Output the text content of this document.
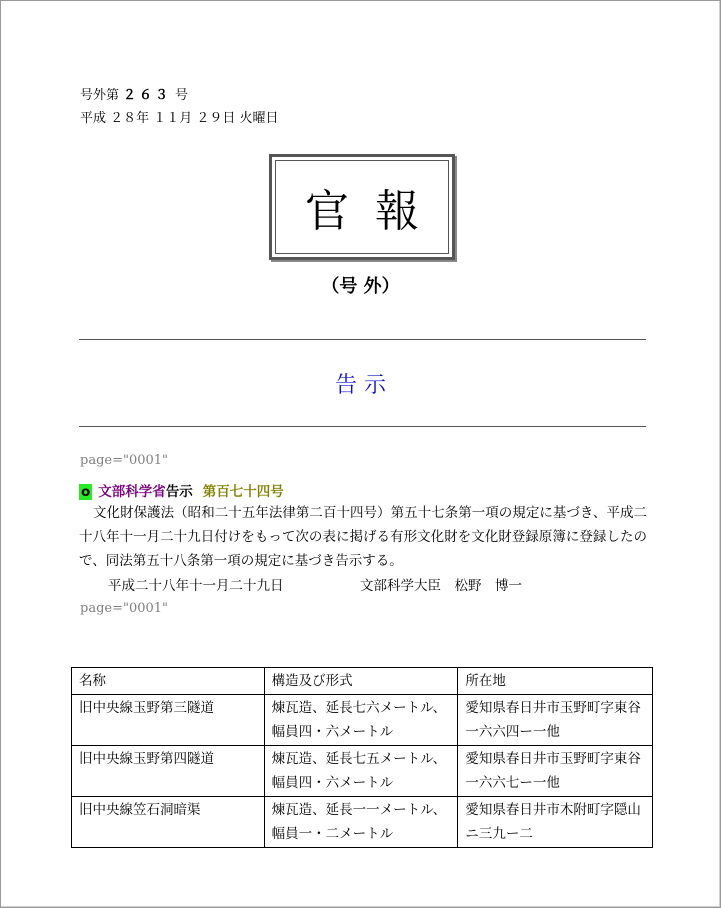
号外第 ２６３ 号
平成 ２８年 １１月 ２９日 火曜日
官報
（号 外）
告 示
page="0001"
o 文部科学省告示 第百七十四号
文化財保護法（昭和二十五年法律第二百十四号）第五十七条第一項の規定に基づき、平成二十八年十一月二十九日付けをもって次の表に掲げる有形文化財を文化財登録原簿に登録したので、同法第五十八条第一項の規定に基づき告示する。
平成二十八年十一月二十九日	文部科学大臣　松野　博一
page="0001"
名称	構造及び形式	所在地
旧中央線玉野第三隧道	煉瓦造、延長七六メートル、幅員四・六メートル	愛知県春日井市玉野町字東谷一六六四ー一他
旧中央線玉野第四隧道	煉瓦造、延長七五メートル、幅員四・六メートル	愛知県春日井市玉野町字東谷一六六七ー一他
旧中央線笠石洞暗渠	煉瓦造、延長一一メートル、幅員一・二メートル	愛知県春日井市木附町字隠山ニ三九ー二
